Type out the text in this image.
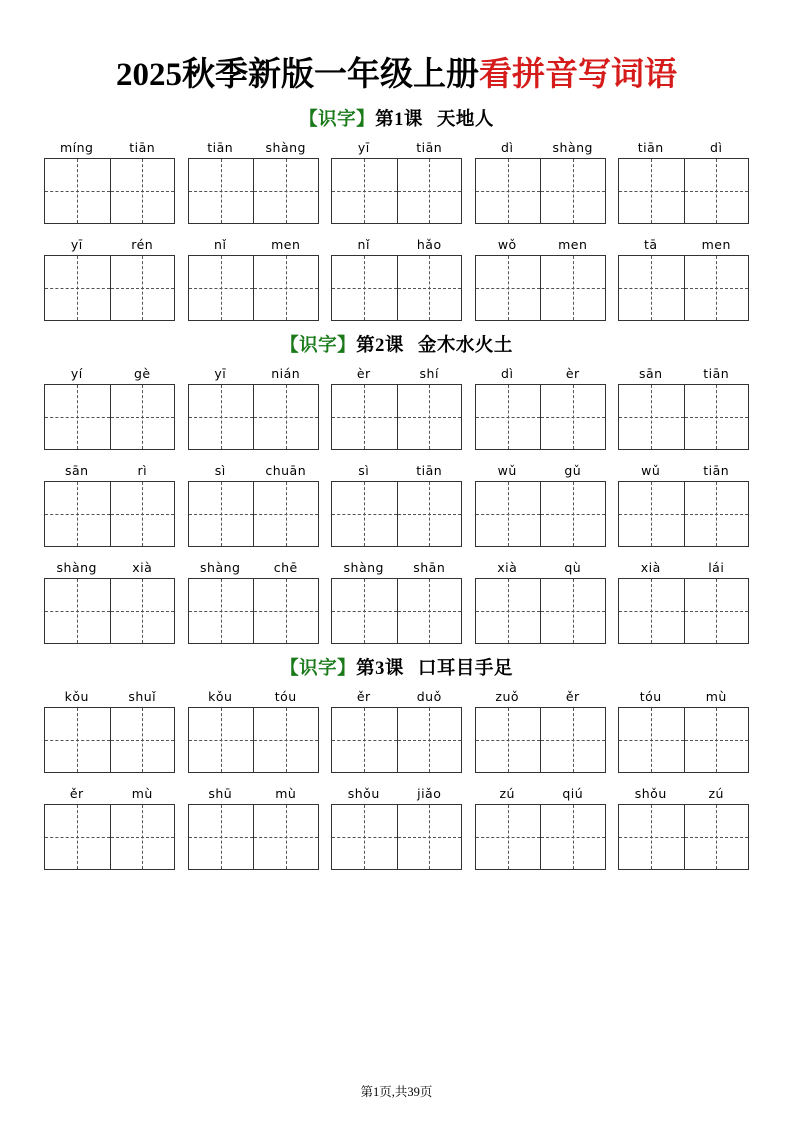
2025秋季新版一年级上册看拼音写词语
【识字】第1课 天地人
míng	tiān	tiān	shàng	yī	tiān	dì	shàng	tiān	dì
yī	rén	nǐ	men	nǐ	hǎo	wǒ	men	tā	men
【识字】第2课 金木水火土
yí	gè	yī	nián	èr	shí	dì	èr	sān	tiān
sān	rì	sì	chuān	sì	tiān	wǔ	gǔ	wǔ	tiān
shàng	xià	shàng	chē	shàng	shān	xià	qù	xià	lái
【识字】第3课 口耳目手足
kǒu	shuǐ	kǒu	tóu	ěr	duǒ	zuǒ	ěr	tóu	mù
ěr	mù	shū	mù	shǒu	jiǎo	zú	qiú	shǒu	zú
第1页,共39页
